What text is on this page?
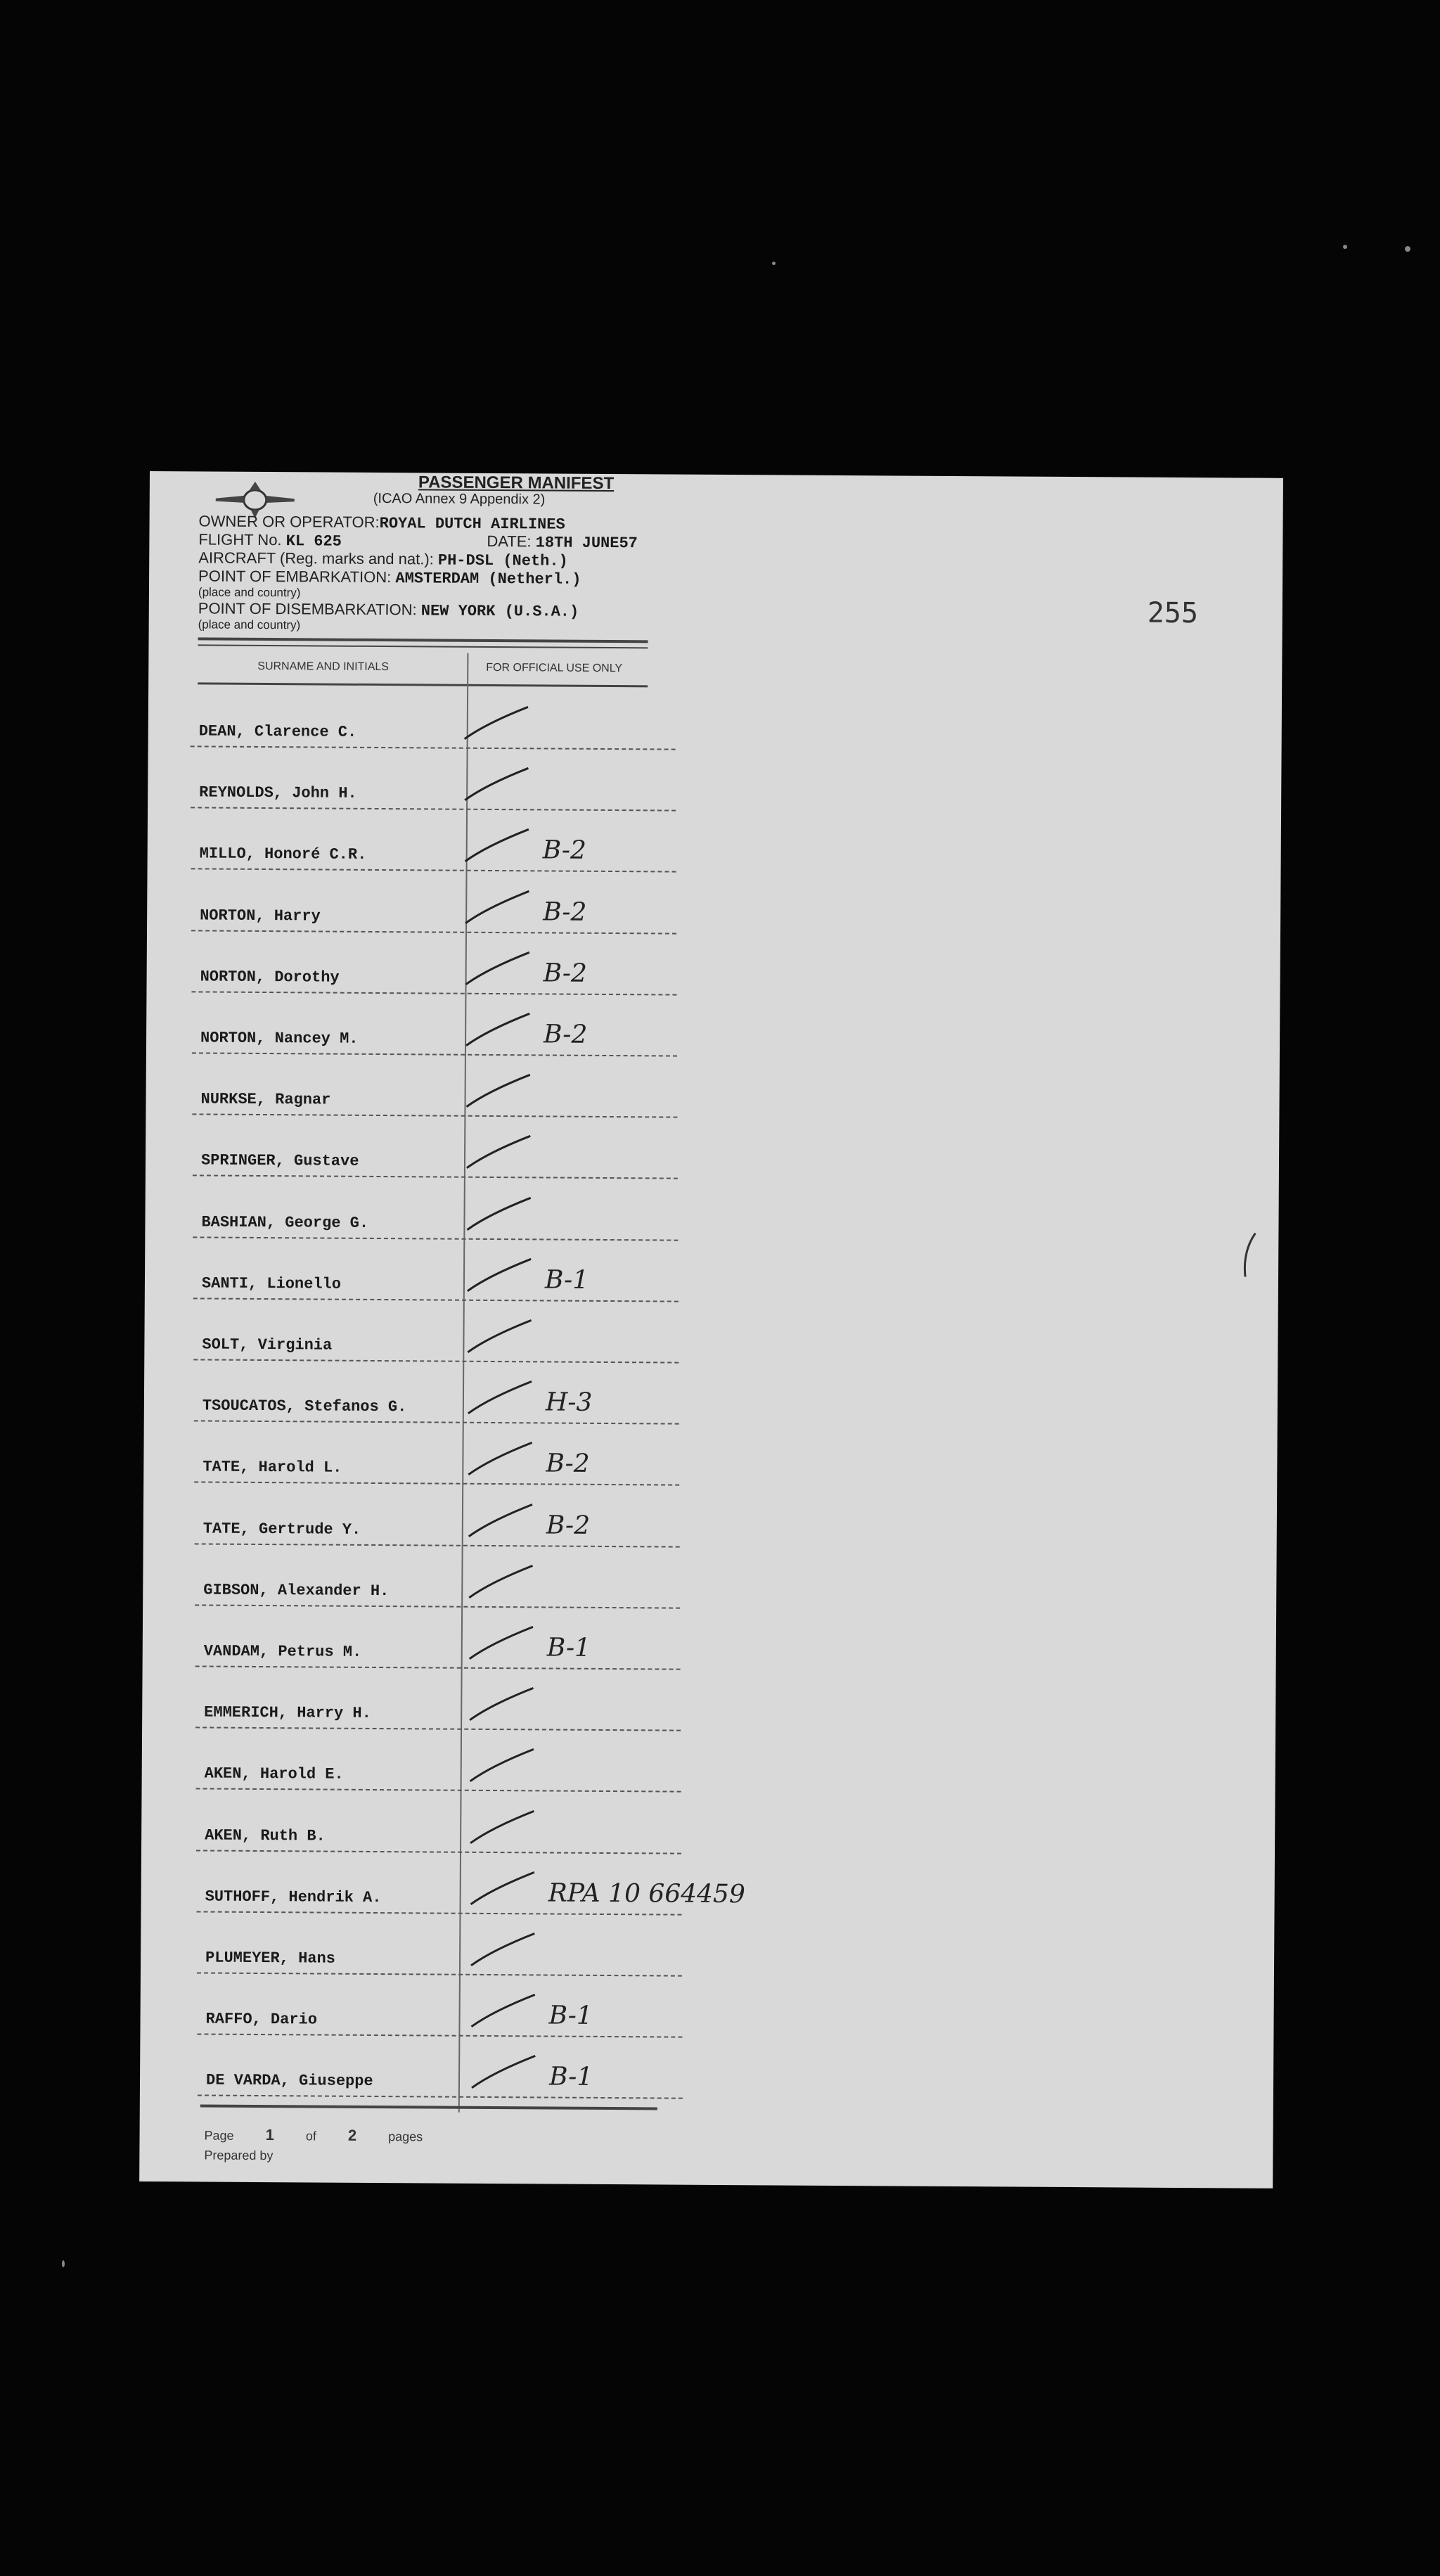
PASSENGER MANIFEST
(ICAO Annex 9 Appendix 2)
OWNER OR OPERATOR:ROYAL DUTCH AIRLINES
FLIGHT No. KL 625	DATE: 18TH JUNE57
AIRCRAFT (Reg. marks and nat.): PH-DSL (Neth.)
POINT OF EMBARKATION: AMSTERDAM (Netherl.)
(place and country)
POINT OF DISEMBARKATION: NEW YORK (U.S.A.)
(place and country)	255
SURNAME AND INITIALS	FOR OFFICIAL USE ONLY
DEAN, Clarence C.
REYNOLDS, John H.
MILLO, Honoré C.R.	B-2
NORTON, Harry	B-2
NORTON, Dorothy	B-2
NORTON, Nancey M.	B-2
NURKSE, Ragnar
SPRINGER, Gustave
BASHIAN, George G.
SANTI, Lionello	B-1
SOLT, Virginia
TSOUCATOS, Stefanos G.	H-3
TATE, Harold L.	B-2
TATE, Gertrude Y.	B-2
GIBSON, Alexander H.
VANDAM, Petrus M.	B-1
EMMERICH, Harry H.
AKEN, Harold E.
AKEN, Ruth B.
SUTHOFF, Hendrik A.	RPA 10 664459
PLUMEYER, Hans
RAFFO, Dario	B-1
DE VARDA, Giuseppe	B-1
Page 1 of 2 pages
Prepared by
